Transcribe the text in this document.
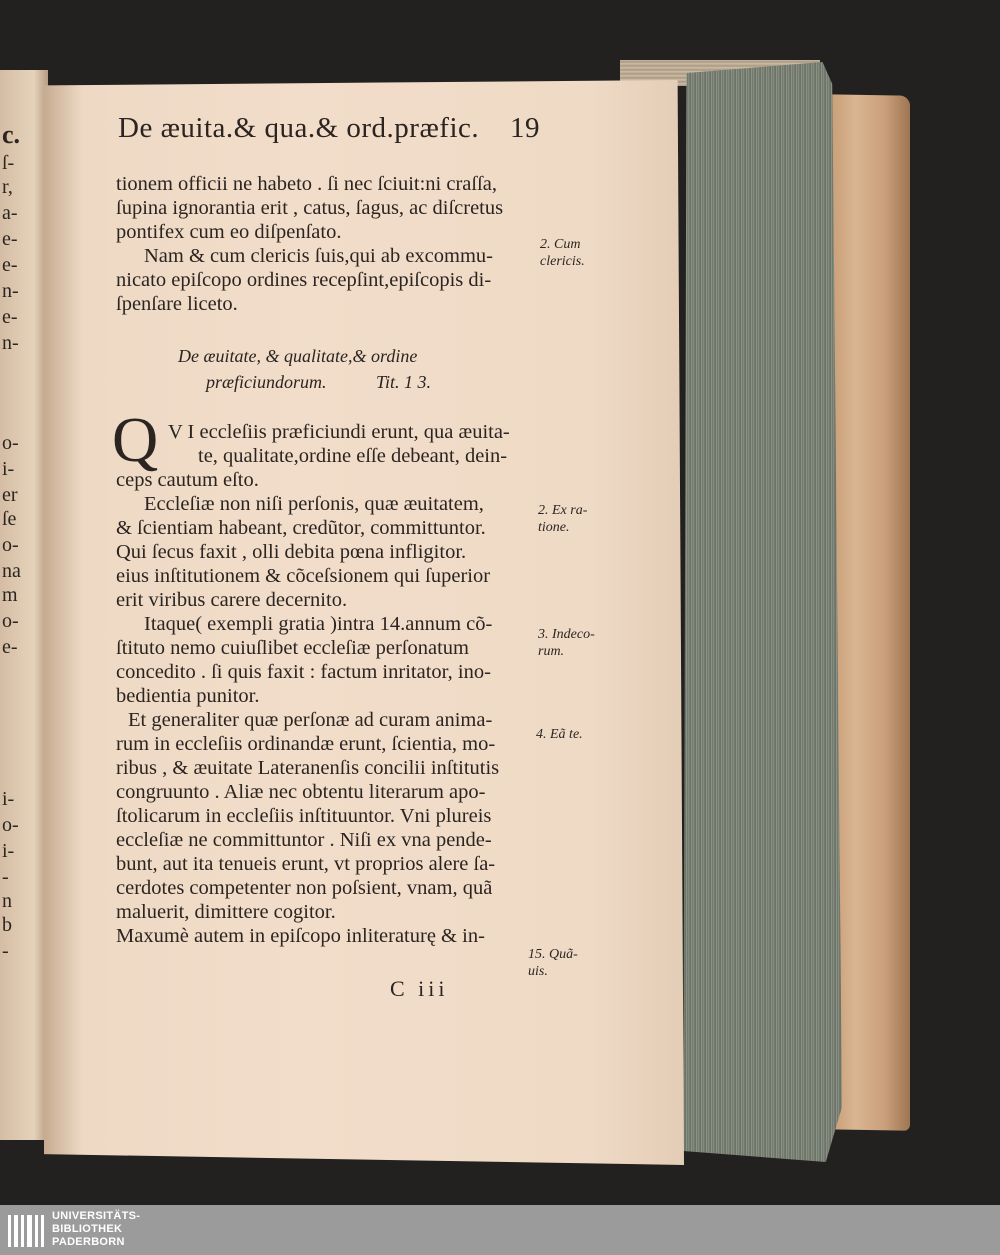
c.
ſ-
r,
a-
e-
e-
n-
e-
n-
o-
i-
er
ſe
o-
na
m
o-
e-
i-
o-
i-
-
n
b
-
De æuita.& qua.& ord.præfic. 19
tionem officii ne habeto . ſi nec ſciuit:ni craſſa,
ſupina ignorantia erit , catus, ſagus, ac diſcretus
pontifex cum eo diſpenſato.
Nam & cum clericis ſuis,qui ab excommu-
nicato epiſcopo ordines recepſint,epiſcopis di-
ſpenſare liceto.
De æuitate, & qualitate,& ordine
præficiundorum.	Tit. 1 3.
Q V I eccleſiis præficiundi erunt, qua æuita-
te, qualitate,ordine eſſe debeant, dein-
ceps cautum eſto.
Eccleſiæ non niſi perſonis, quæ æuitatem,
& ſcientiam habeant, credũtor, committuntor.
Qui ſecus faxit , olli debita pœna infligitor.
eius inſtitutionem & cõceſsionem qui ſuperior
erit viribus carere decernito.
Itaque( exempli gratia )intra 14.annum cõ-
ſtituto nemo cuiuſlibet eccleſiæ perſonatum
concedito . ſi quis faxit : factum inritator, ino-
bedientia punitor.
Et generaliter quæ perſonæ ad curam anima-
rum in eccleſiis ordinandæ erunt, ſcientia, mo-
ribus , & æuitate Lateranenſis concilii inſtitutis
congruunto . Aliæ nec obtentu literarum apo-
ſtolicarum in eccleſiis inſtituuntor. Vni plureis
eccleſiæ ne committuntor . Niſi ex vna pende-
bunt, aut ita tenueis erunt, vt proprios alere ſa-
cerdotes competenter non poſsient, vnam, quã
maluerit, dimittere cogitor.
Maxumè autem in epiſcopo inliteraturę & in-
C iii
2. Cum
clericis.
2. Ex ra-
tione.
3. Indeco-
rum.
4. Eã te.
15. Quã-
uis.
UNIVERSITÄTS-
BIBLIOTHEK
PADERBORN
